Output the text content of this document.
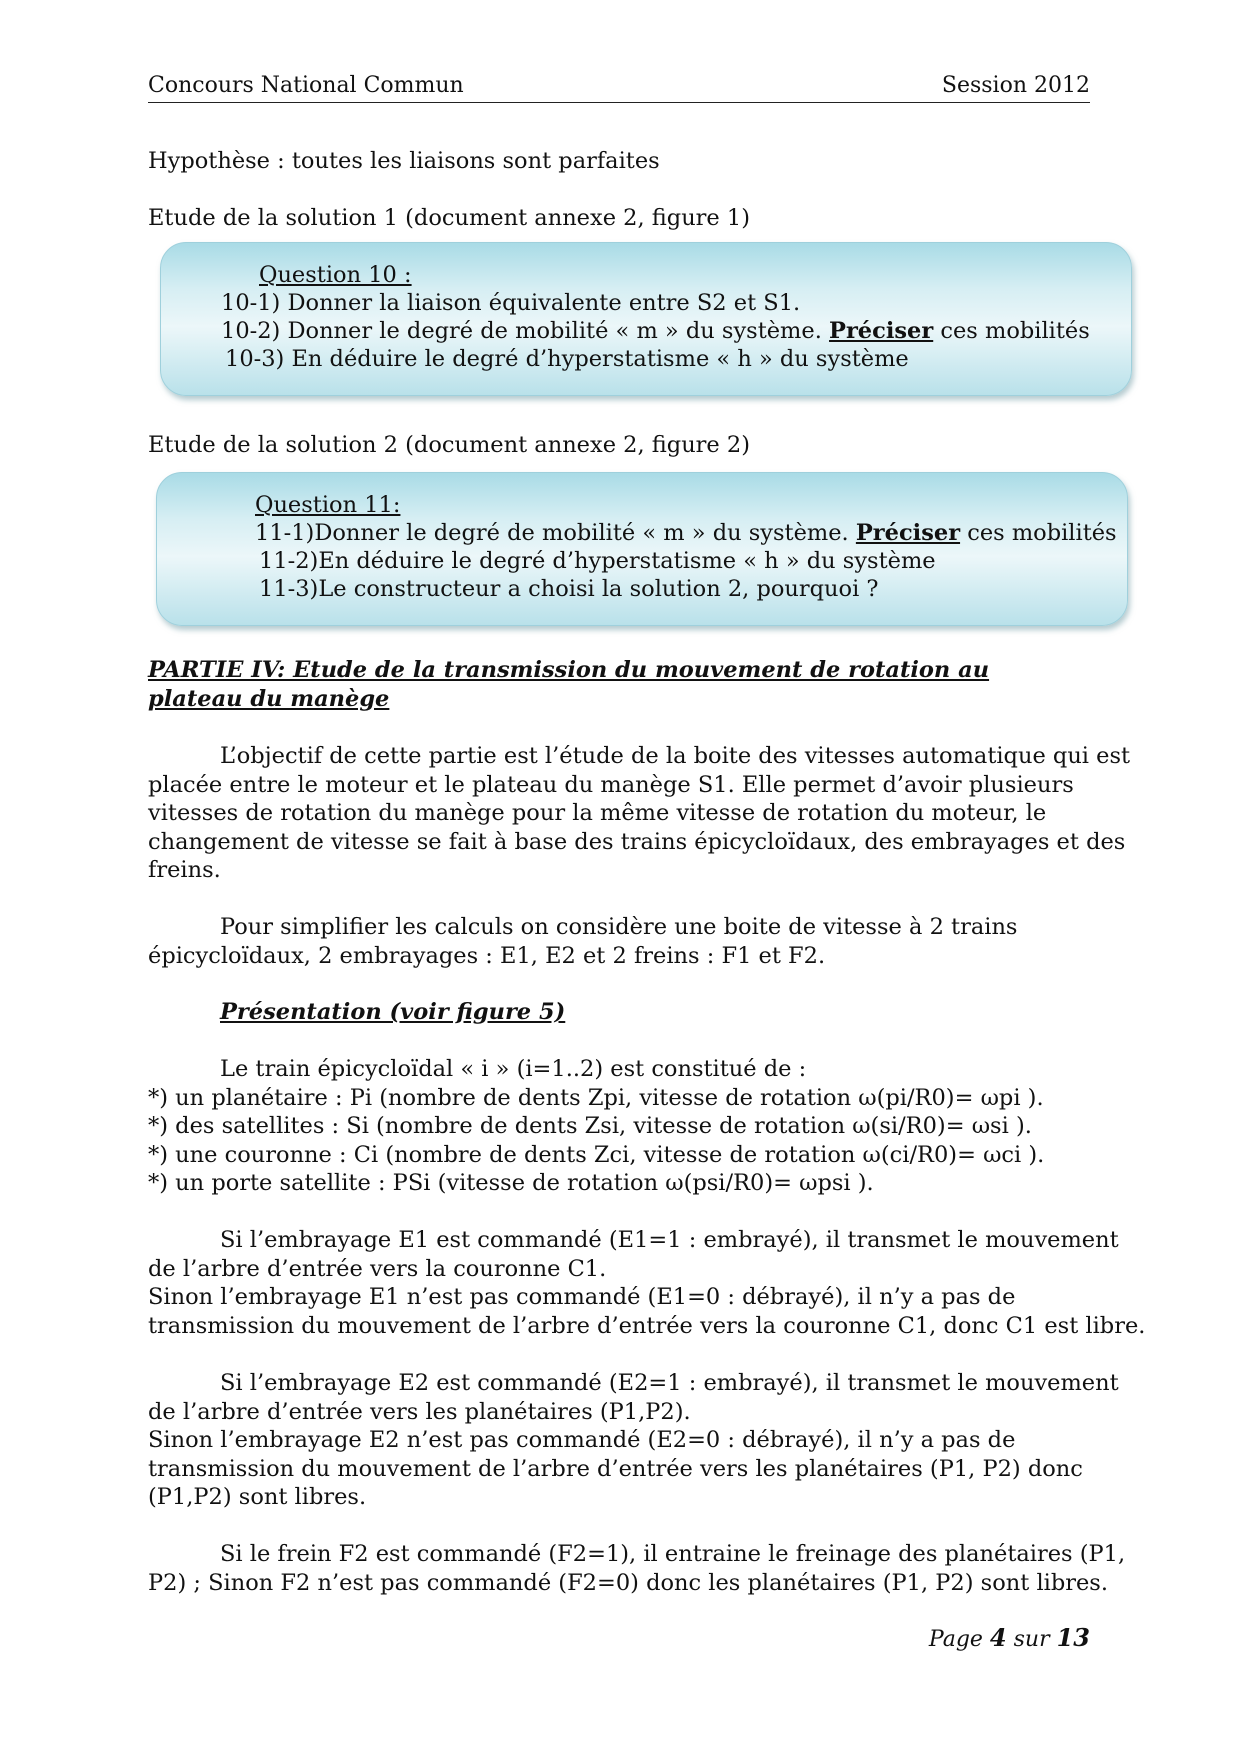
Concours National Commun	Session 2012
Hypothèse : toutes les liaisons sont parfaites
Etude de la solution 1 (document annexe 2, figure 1)
Question 10 :
10-1) Donner la liaison équivalente entre S2 et S1.
10-2) Donner le degré de mobilité « m » du système. Préciser ces mobilités
10-3) En déduire le degré d’hyperstatisme « h » du système
Etude de la solution 2 (document annexe 2, figure 2)
Question 11:
11-1)Donner le degré de mobilité « m » du système. Préciser ces mobilités
11-2)En déduire le degré d’hyperstatisme « h » du système
11-3)Le constructeur a choisi la solution 2, pourquoi ?
PARTIE IV: Etude de la transmission du mouvement de rotation au
plateau du manège
L’objectif de cette partie est l’étude de la boite des vitesses automatique qui est
placée entre le moteur et le plateau du manège S1. Elle permet d’avoir plusieurs
vitesses de rotation du manège pour la même vitesse de rotation du moteur, le
changement de vitesse se fait à base des trains épicycloïdaux, des embrayages et des
freins.
Pour simplifier les calculs on considère une boite de vitesse à 2 trains
épicycloïdaux, 2 embrayages : E1, E2 et 2 freins : F1 et F2.
Présentation (voir figure 5)
Le train épicycloïdal « i » (i=1..2) est constitué de :
*) un planétaire : Pi (nombre de dents Zpi, vitesse de rotation ω(pi/R0)= ωpi ).
*) des satellites : Si (nombre de dents Zsi, vitesse de rotation ω(si/R0)= ωsi ).
*) une couronne : Ci (nombre de dents Zci, vitesse de rotation ω(ci/R0)= ωci ).
*) un porte satellite : PSi (vitesse de rotation ω(psi/R0)= ωpsi ).
Si l’embrayage E1 est commandé (E1=1 : embrayé), il transmet le mouvement
de l’arbre d’entrée vers la couronne C1.
Sinon l’embrayage E1 n’est pas commandé (E1=0 : débrayé), il n’y a pas de
transmission du mouvement de l’arbre d’entrée vers la couronne C1, donc C1 est libre.
Si l’embrayage E2 est commandé (E2=1 : embrayé), il transmet le mouvement
de l’arbre d’entrée vers les planétaires (P1,P2).
Sinon l’embrayage E2 n’est pas commandé (E2=0 : débrayé), il n’y a pas de
transmission du mouvement de l’arbre d’entrée vers les planétaires (P1, P2) donc
(P1,P2) sont libres.
Si le frein F2 est commandé (F2=1), il entraine le freinage des planétaires (P1,
P2) ; Sinon F2 n’est pas commandé (F2=0) donc les planétaires (P1, P2) sont libres.
Page 4 sur 13
